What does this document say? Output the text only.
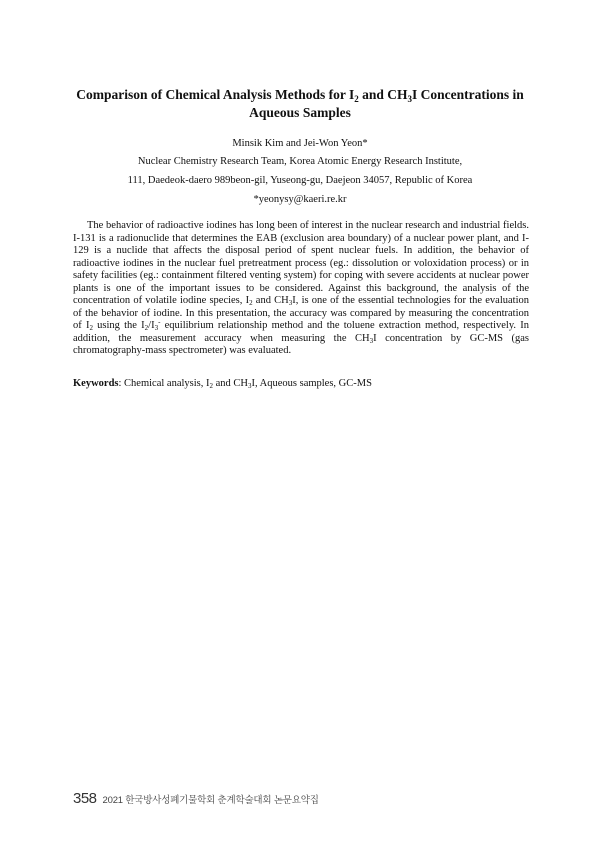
Comparison of Chemical Analysis Methods for $I_2$ and $CH_3I$ Concentrations in Aqueous Samples
Minsik Kim and Jei-Won Yeon*
Nuclear Chemistry Research Team, Korea Atomic Energy Research Institute,
111, Daedeok-daero 989beon-gil, Yuseong-gu, Daejeon 34057, Republic of Korea
*yeonysy@kaeri.re.kr

The behavior of radioactive iodines has long been of interest in the nuclear research and industrial fields. I-131 is a radionuclide that determines the EAB (exclusion area boundary) of a nuclear power plant, and I-129 is a nuclide that affects the disposal period of spent nuclear fuels. In addition, the behavior of radioactive iodines in the nuclear fuel pretreatment process (eg.: dissolution or voloxidation process) or in safety facilities (eg.: containment filtered venting system) for coping with severe accidents at nuclear power plants is one of the important issues to be considered. Against this background, the analysis of the concentration of volatile iodine species, $I_2$ and $CH_3I$, is one of the essential technologies for the evaluation of the behavior of iodine. In this presentation, the accuracy was compared by measuring the concentration of $I_2$ using the $I_2/I_3^-$ equilibrium relationship method and the toluene extraction method, respectively. In addition, the measurement accuracy when measuring the $CH_3I$ concentration by GC-MS (gas chromatography-mass spectrometer) was evaluated.

Keywords: Chemical analysis, $I_2$ and $CH_3I$, Aqueous samples, GC-MS

358 2021 한국방사성폐기물학회 춘계학술대회 논문요약집
